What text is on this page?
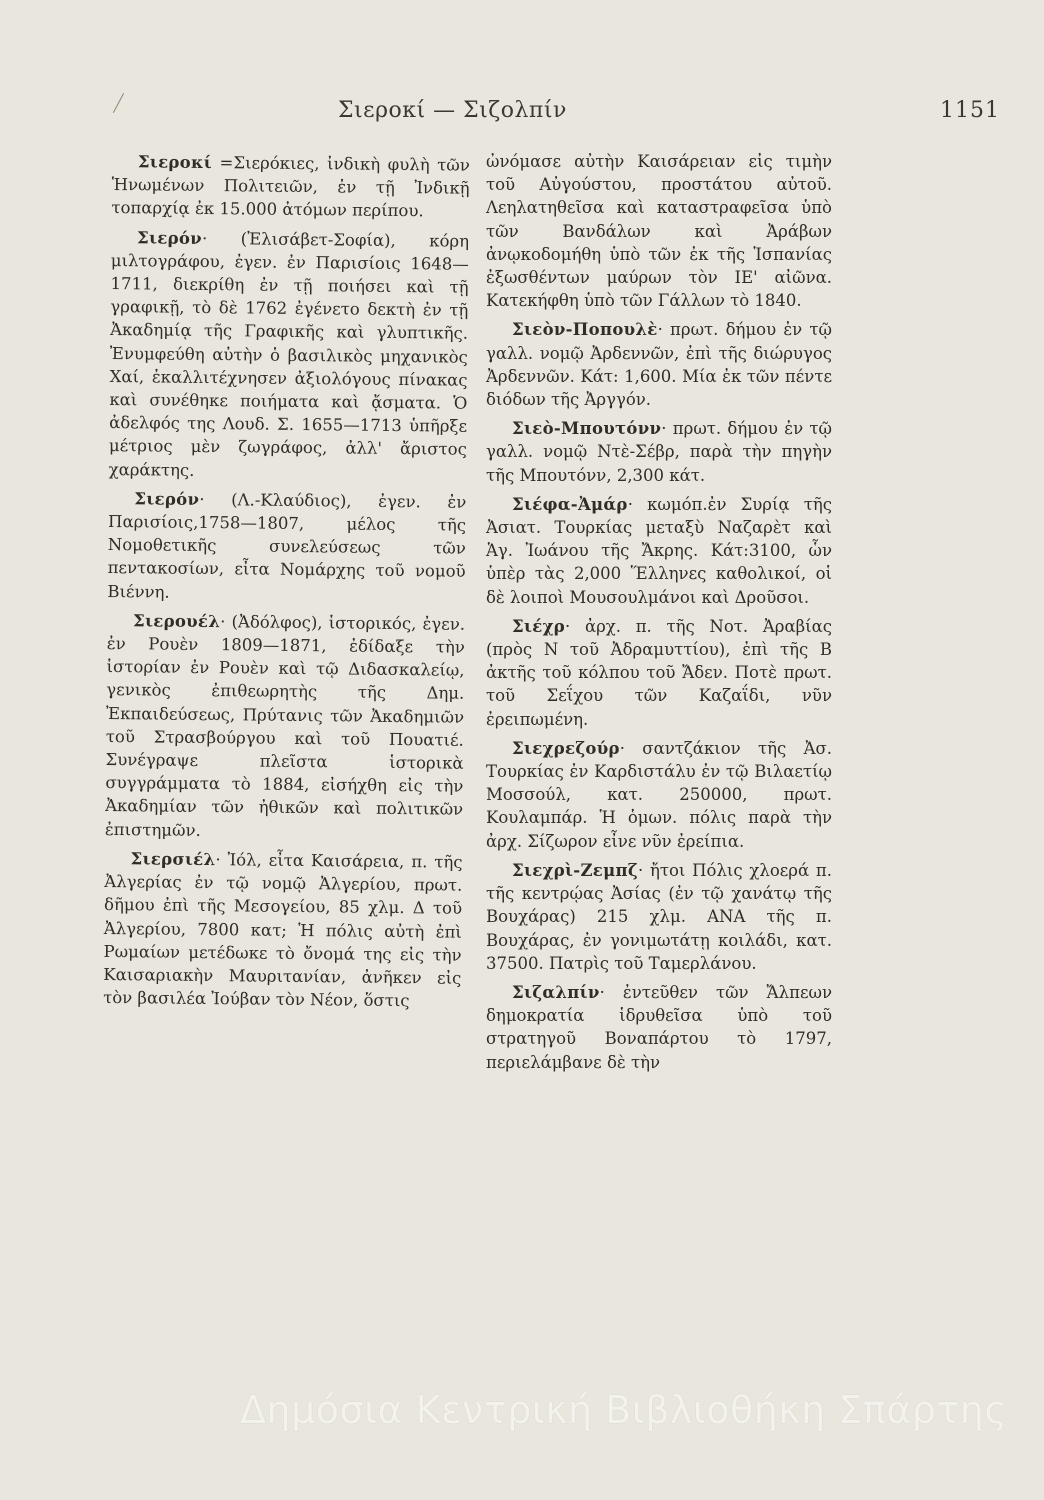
Σιεροκί — Σιζολπίν	1151

Σιεροκί =Σιερόκιες, ἰνδικὴ φυλὴ τῶν Ἡνωμένων Πολιτειῶν, ἐν τῇ Ἰνδικῇ τοπαρχίᾳ ἐκ 15.000 ἀτόμων περίπου.

Σιερόν· (Ἐλισάβετ-Σοφία), κόρη μιλτογράφου, ἐγεν. ἐν Παρισίοις 1648—1711, διεκρίθη ἐν τῇ ποιήσει καὶ τῇ γραφικῇ, τὸ δὲ 1762 ἐγένετο δεκτὴ ἐν τῇ Ἀκαδημίᾳ τῆς Γραφικῆς καὶ γλυπτικῆς. Ἐνυμφεύθη αὐτὴν ὁ βασιλικὸς μηχανικὸς Χαί, ἐκαλλιτέχνησεν ἀξιολόγους πίνακας καὶ συνέθηκε ποιήματα καὶ ᾄσματα. Ὁ ἀδελφός της Λουδ. Σ. 1655—1713 ὑπῆρξε μέτριος μὲν ζωγράφος, ἀλλ' ἄριστος χαράκτης.

Σιερόν· (Λ.-Κλαύδιος), ἐγεν. ἐν Παρισίοις,1758—1807, μέλος τῆς Νομοθετικῆς συνελεύσεως τῶν πεντακοσίων, εἶτα Νομάρχης τοῦ νομοῦ Βιέννη.

Σιερουέλ· (Ἀδόλφος), ἱστορικός, ἐγεν. ἐν Ρουὲν 1809—1871, ἐδίδαξε τὴν ἱστορίαν ἐν Ρουὲν καὶ τῷ Διδασκαλείῳ, γενικὸς ἐπιθεωρητὴς τῆς Δημ. Ἐκπαιδεύσεως, Πρύτανις τῶν Ἀκαδημιῶν τοῦ Στρασβούργου καὶ τοῦ Πουατιέ. Συνέγραψε πλεῖστα ἱστορικὰ συγγράμματα τὸ 1884, εἰσήχθη εἰς τὴν Ἀκαδημίαν τῶν ἠθικῶν καὶ πολιτικῶν ἐπιστημῶν.

Σιερσιέλ· Ἰόλ, εἶτα Καισάρεια, π. τῆς Ἀλγερίας ἐν τῷ νομῷ Ἀλγερίου, πρωτ. δῆμου ἐπὶ τῆς Μεσογείου, 85 χλμ. Δ τοῦ Ἀλγερίου, 7800 κατ; Ἡ πόλις αὐτὴ ἐπὶ Ρωμαίων μετέδωκε τὸ ὄνομά της εἰς τὴν Καισαριακὴν Μαυριτανίαν, ἀνῆκεν εἰς τὸν βασιλέα Ἰούβαν τὸν Νέον, ὅστις

ὠνόμασε αὐτὴν Καισάρειαν εἰς τιμὴν τοῦ Αὐγούστου, προστάτου αὐτοῦ. Λεηλατηθεῖσα καὶ καταστραφεῖσα ὑπὸ τῶν Βανδάλων καὶ Ἀράβων ἀνῳκοδομήθη ὑπὸ τῶν ἐκ τῆς Ἱσπανίας ἐξωσθέντων μαύρων τὸν ΙΕ' αἰῶνα. Κατεκήφθη ὑπὸ τῶν Γάλλων τὸ 1840.

Σιεὸν-Ποπουλὲ· πρωτ. δήμου ἐν τῷ γαλλ. νομῷ Ἀρδεννῶν, ἐπὶ τῆς διώρυγος Ἀρδεννῶν. Κάτ: 1,600. Μία ἐκ τῶν πέντε διόδων τῆς Ἀργγόν.

Σιεὸ-Μπουτόνν· πρωτ. δήμου ἐν τῷ γαλλ. νομῷ Ντὲ-Σέβρ, παρὰ τὴν πηγὴν τῆς Μπουτόνν, 2,300 κάτ.

Σιέφα-Ἀμάρ· κωμόπ.ἐν Συρίᾳ τῆς Ἀσιατ. Τουρκίας μεταξὺ Ναζαρὲτ καὶ Ἁγ. Ἰωάνου τῆς Ἄκρης. Κάτ:3100, ὧν ὑπὲρ τὰς 2,000 Ἕλληνες καθολικοί, οἱ δὲ λοιποὶ Μουσουλμάνοι καὶ Δροῦσοι.

Σιέχρ· ἀρχ. π. τῆς Νοτ. Ἀραβίας (πρὸς Ν τοῦ Ἀδραμυττίου), ἐπὶ τῆς Β ἀκτῆς τοῦ κόλπου τοῦ Ἄδεν. Ποτὲ πρωτ. τοῦ Σεΐχου τῶν Καζαΐδι, νῦν ἐρειπωμένη.

Σιεχρεζούρ· σαντζάκιον τῆς Ἀσ. Τουρκίας ἐν Καρδιστάλυ ἐν τῷ Βιλαετίῳ Μοσσούλ, κατ. 250000, πρωτ. Κουλαμπάρ. Ἡ ὁμων. πόλις παρὰ τὴν ἀρχ. Σίζωρον εἶνε νῦν ἐρείπια.

Σιεχρὶ-Ζεμπζ· ἤτοι Πόλις χλοερά π. τῆς κεντρῴας Ἀσίας (ἐν τῷ χανάτῳ τῆς Βουχάρας) 215 χλμ. ΑΝΑ τῆς π. Βουχάρας, ἐν γονιμωτάτῃ κοιλάδι, κατ. 37500. Πατρὶς τοῦ Ταμερλάνου.

Σιζαλπίν· ἐντεῦθεν τῶν Ἄλπεων δημοκρατία ἱδρυθεῖσα ὑπὸ τοῦ στρατηγοῦ Βοναπάρτου τὸ 1797, περιελάμβανε δὲ τὴν

Δημόσια Κεντρική Βιβλιοθήκη Σπάρτης
